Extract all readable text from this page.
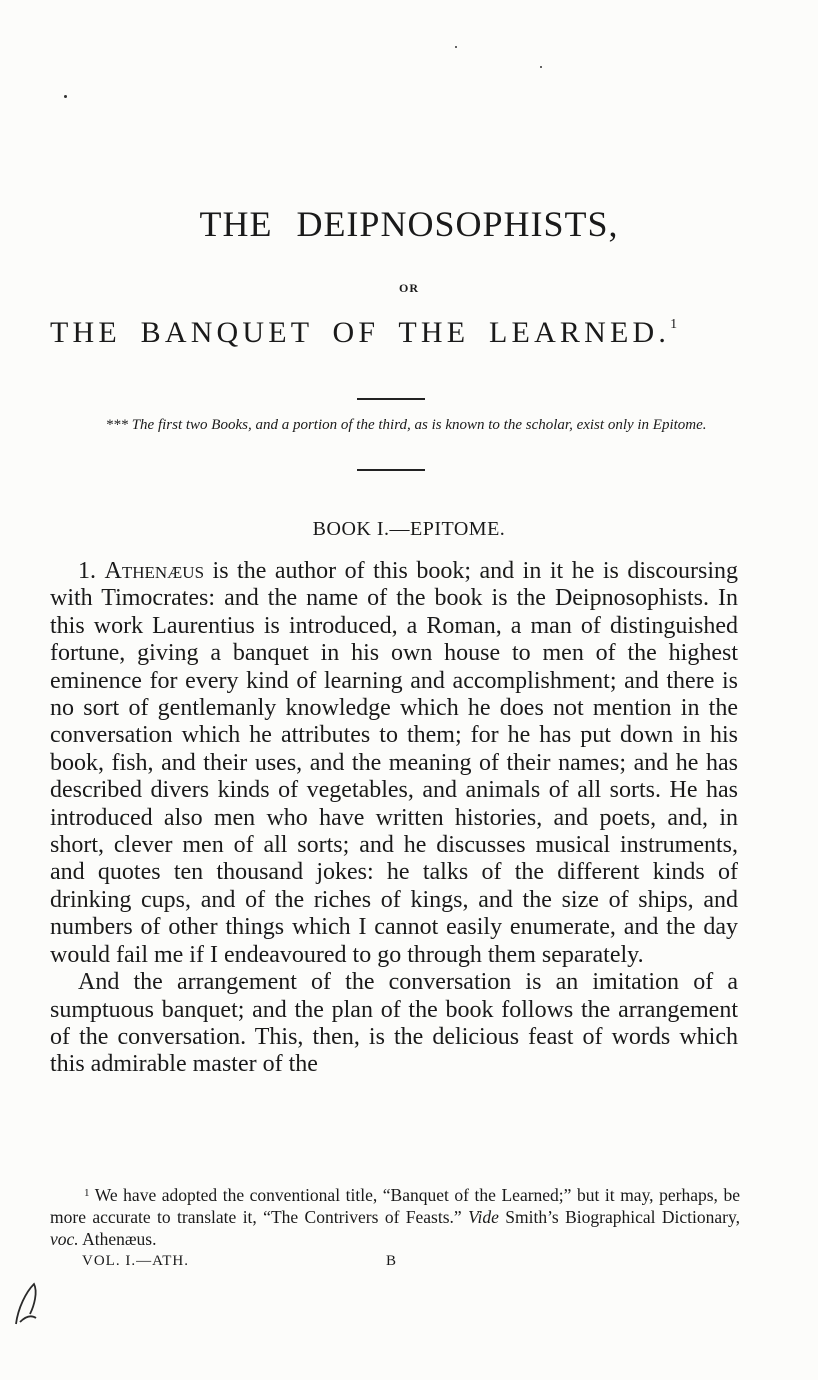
THE DEIPNOSOPHISTS,
OR
THE BANQUET OF THE LEARNED.$^1$
*** The first two Books, and a portion of the third, as is known to the scholar, exist only in Epitome.
BOOK I.—EPITOME.

1. Athenæus is the author of this book; and in it he is discoursing with Timocrates: and the name of the book is the Deipnosophists. In this work Laurentius is introduced, a Roman, a man of distinguished fortune, giving a banquet in his own house to men of the highest eminence for every kind of learning and accomplishment; and there is no sort of gentlemanly knowledge which he does not mention in the conversation which he attributes to them; for he has put down in his book, fish, and their uses, and the meaning of their names; and he has described divers kinds of vegetables, and animals of all sorts. He has introduced also men who have written histories, and poets, and, in short, clever men of all sorts; and he discusses musical instruments, and quotes ten thousand jokes: he talks of the different kinds of drinking cups, and of the riches of kings, and the size of ships, and numbers of other things which I cannot easily enumerate, and the day would fail me if I endeavoured to go through them separately.

And the arrangement of the conversation is an imitation of a sumptuous banquet; and the plan of the book follows the arrangement of the conversation. This, then, is the delicious feast of words which this admirable master of the

$^1$ We have adopted the conventional title, “Banquet of the Learned;” but it may, perhaps, be more accurate to translate it, “The Contrivers of Feasts.” Vide Smith’s Biographical Dictionary, voc. Athenæus.

VOL. I.—ATH.	B
